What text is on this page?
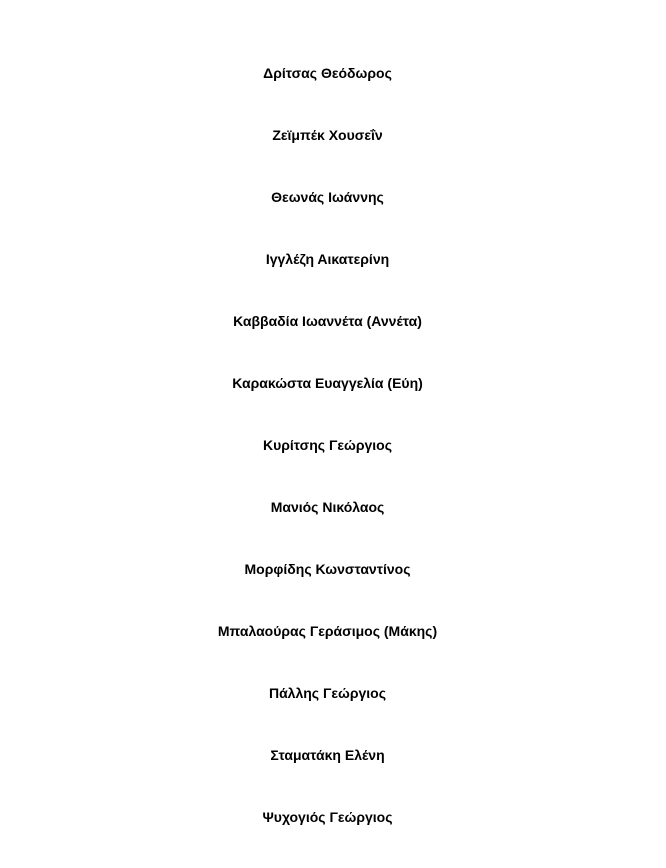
Δρίτσας Θεόδωρος
Ζεϊμπέκ Χουσεΐν
Θεωνάς Ιωάννης
Ιγγλέζη Αικατερίνη
Καββαδία Ιωαννέτα (Αννέτα)
Καρακώστα Ευαγγελία (Εύη)
Κυρίτσης Γεώργιος
Μανιός Νικόλαος
Μορφίδης Κωνσταντίνος
Μπαλαούρας Γεράσιμος (Μάκης)
Πάλλης Γεώργιος
Σταματάκη Ελένη
Ψυχογιός Γεώργιος
